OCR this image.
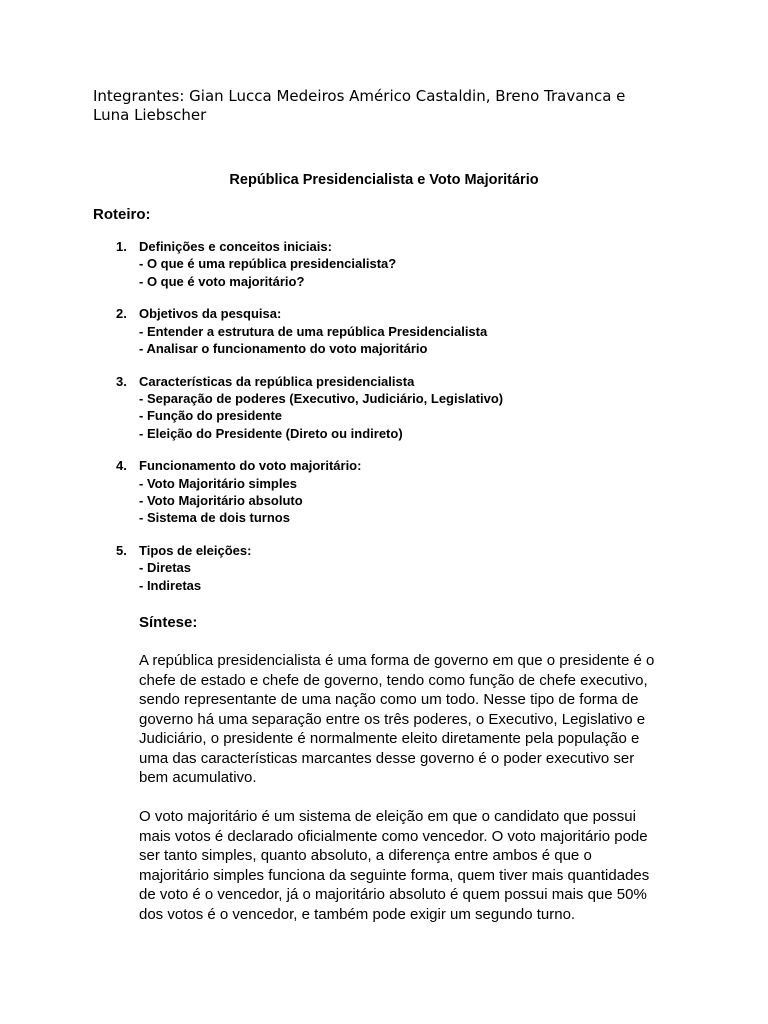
Integrantes: Gian Lucca Medeiros Américo Castaldin, Breno Travanca e
Luna Liebscher

República Presidencialista e Voto Majoritário
Roteiro:
1. Definições e conceitos iniciais:
- O que é uma república presidencialista?
- O que é voto majoritário?
2. Objetivos da pesquisa:
- Entender a estrutura de uma república Presidencialista
- Analisar o funcionamento do voto majoritário
3. Características da república presidencialista
- Separação de poderes (Executivo, Judiciário, Legislativo)
- Função do presidente
- Eleição do Presidente (Direto ou indireto)
4. Funcionamento do voto majoritário:
- Voto Majoritário simples
- Voto Majoritário absoluto
- Sistema de dois turnos
5. Tipos de eleições:
- Diretas
- Indiretas
Síntese:

A república presidencialista é uma forma de governo em que o presidente é o
chefe de estado e chefe de governo, tendo como função de chefe executivo,
sendo representante de uma nação como um todo. Nesse tipo de forma de
governo há uma separação entre os três poderes, o Executivo, Legislativo e
Judiciário, o presidente é normalmente eleito diretamente pela população e
uma das características marcantes desse governo é o poder executivo ser
bem acumulativo.

O voto majoritário é um sistema de eleição em que o candidato que possui
mais votos é declarado oficialmente como vencedor. O voto majoritário pode
ser tanto simples, quanto absoluto, a diferença entre ambos é que o
majoritário simples funciona da seguinte forma, quem tiver mais quantidades
de voto é o vencedor, já o majoritário absoluto é quem possui mais que 50%
dos votos é o vencedor, e também pode exigir um segundo turno.
